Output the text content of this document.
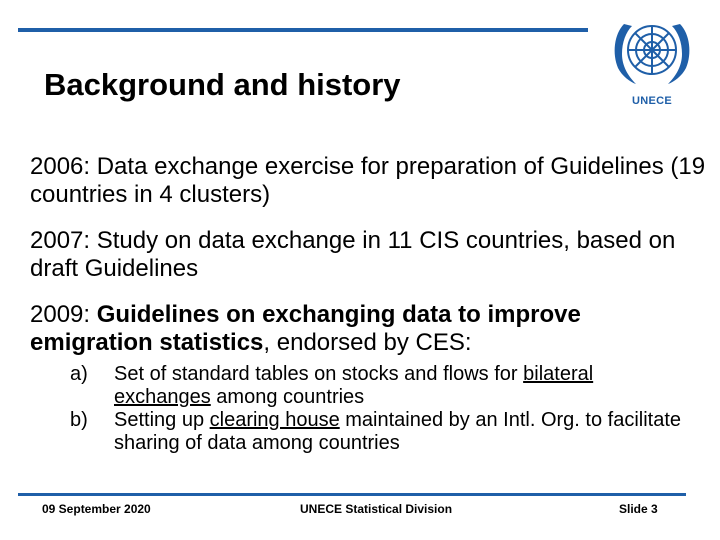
Background and history	UNECE

2006: Data exchange exercise for preparation of Guidelines (19 countries in 4 clusters)

2007: Study on data exchange in 11 CIS countries, based on draft Guidelines

2009: Guidelines on exchanging data to improve emigration statistics, endorsed by CES:

a) Set of standard tables on stocks and flows for bilateral exchanges among countries
b) Setting up clearing house maintained by an Intl. Org. to facilitate sharing of data among countries
09 September 2020	UNECE Statistical Division	Slide 3
